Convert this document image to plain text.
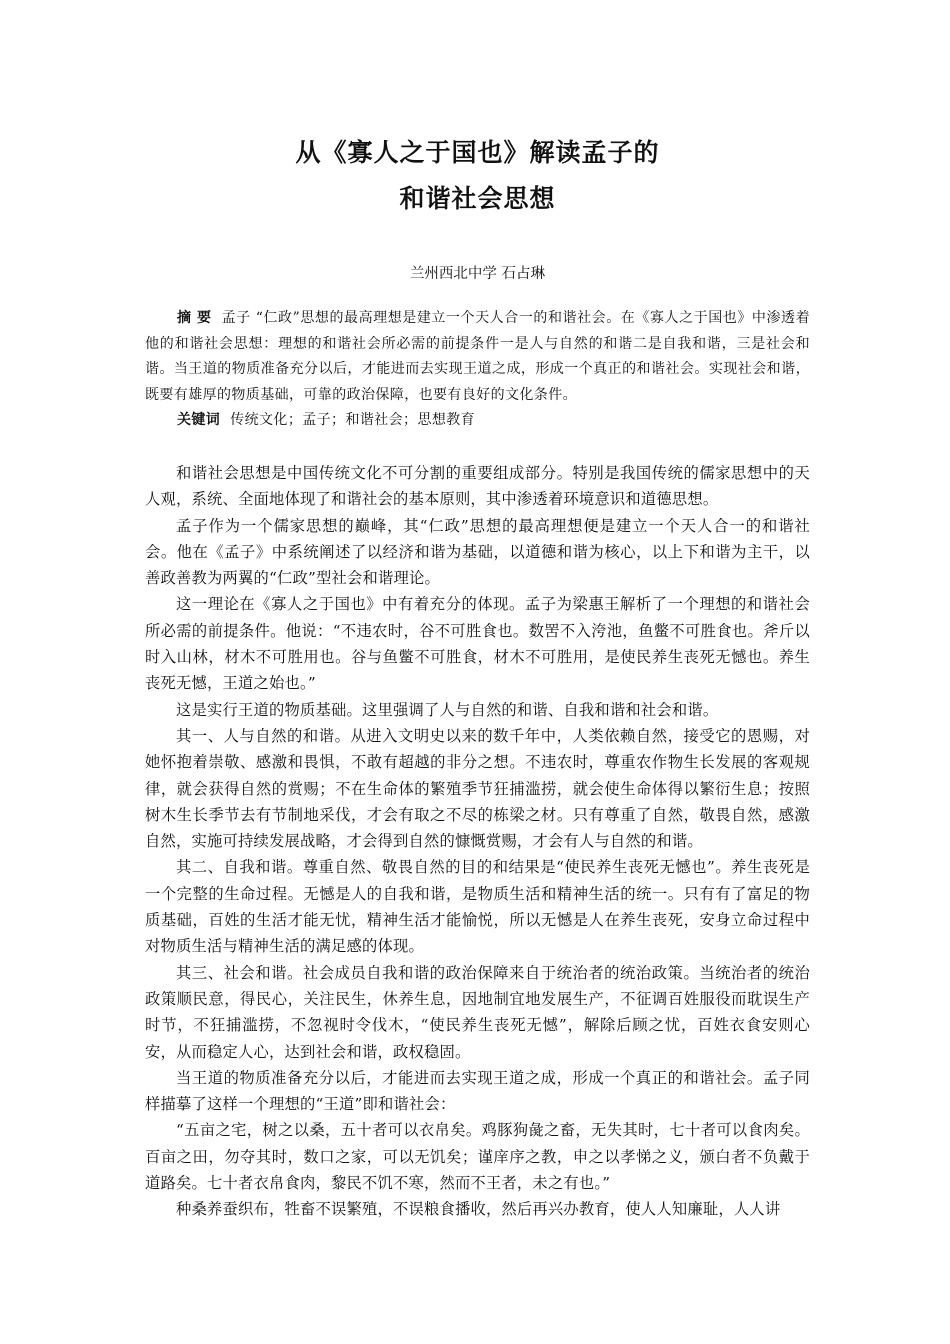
从《寡人之于国也》解读孟子的
和谐社会思想
兰州西北中学 石占琳
摘 要 孟子 “仁政”思想的最高理想是建立一个天人合一的和谐社会。在《寡人之于国也》中渗透着他的和谐社会思想：理想的和谐社会所必需的前提条件一是人与自然的和谐二是自我和谐，三是社会和谐。当王道的物质准备充分以后，才能进而去实现王道之成，形成一个真正的和谐社会。实现社会和谐，既要有雄厚的物质基础，可靠的政治保障，也要有良好的文化条件。
关键词 传统文化 ； 孟子 ； 和谐社会 ； 思想教育

和谐社会思想是中国传统文化不可分割的重要组成部分。特别是我国传统的儒家思想中的天人观，系统、全面地体现了和谐社会的基本原则，其中渗透着环境意识和道德思想。

孟子作为一个儒家思想的巅峰，其“仁政”思想的最高理想便是建立一个天人合一的和谐社会。他在《孟子》中系统阐述了以经济和谐为基础，以道德和谐为核心，以上下和谐为主干，以善政善教为两翼的“仁政”型社会和谐理论。

这一理论在《寡人之于国也》中有着充分的体现。孟子为梁惠王解析了一个理想的和谐社会所必需的前提条件。他说：“不违农时，谷不可胜食也。数罟不入洿池，鱼鳖不可胜食也。斧斤以时入山林，材木不可胜用也。谷与鱼鳖不可胜食，材木不可胜用，是使民养生丧死无憾也。养生丧死无憾，王道之始也。”

这是实行王道的物质基础。这里强调了人与自然的和谐、自我和谐和社会和谐。

其一、人与自然的和谐。从进入文明史以来的数千年中，人类依赖自然，接受它的恩赐，对她怀抱着崇敬、感激和畏惧，不敢有超越的非分之想。不违农时，尊重农作物生长发展的客观规律，就会获得自然的赏赐；不在生命体的繁殖季节狂捕滥捞，就会使生命体得以繁衍生息；按照树木生长季节去有节制地采伐，才会有取之不尽的栋梁之材。只有尊重了自然，敬畏自然，感激自然，实施可持续发展战略，才会得到自然的慷慨赏赐，才会有人与自然的和谐。

其二、自我和谐。尊重自然、敬畏自然的目的和结果是“使民养生丧死无憾也”。养生丧死是一个完整的生命过程。无憾是人的自我和谐，是物质生活和精神生活的统一。只有有了富足的物质基础，百姓的生活才能无忧，精神生活才能愉悦，所以无憾是人在养生丧死，安身立命过程中对物质生活与精神生活的满足感的体现。

其三、社会和谐。社会成员自我和谐的政治保障来自于统治者的统治政策。当统治者的统治政策顺民意，得民心，关注民生，休养生息，因地制宜地发展生产，不征调百姓服役而耽误生产时节，不狂捕滥捞，不忽视时令伐木，“使民养生丧死无憾”，解除后顾之忧，百姓衣食安则心安，从而稳定人心，达到社会和谐，政权稳固。

当王道的物质准备充分以后，才能进而去实现王道之成，形成一个真正的和谐社会。孟子同样描摹了这样一个理想的“王道”即和谐社会：

“五亩之宅，树之以桑，五十者可以衣帛矣。鸡豚狗彘之畜，无失其时，七十者可以食肉矣。百亩之田，勿夺其时，数口之家，可以无饥矣；谨庠序之教，申之以孝悌之义，颁白者不负戴于道路矣。七十者衣帛食肉，黎民不饥不寒，然而不王者，未之有也。”

种桑养蚕织布，牲畜不误繁殖，不误粮食播收，然后再兴办教育，使人人知廉耻，人人讲
